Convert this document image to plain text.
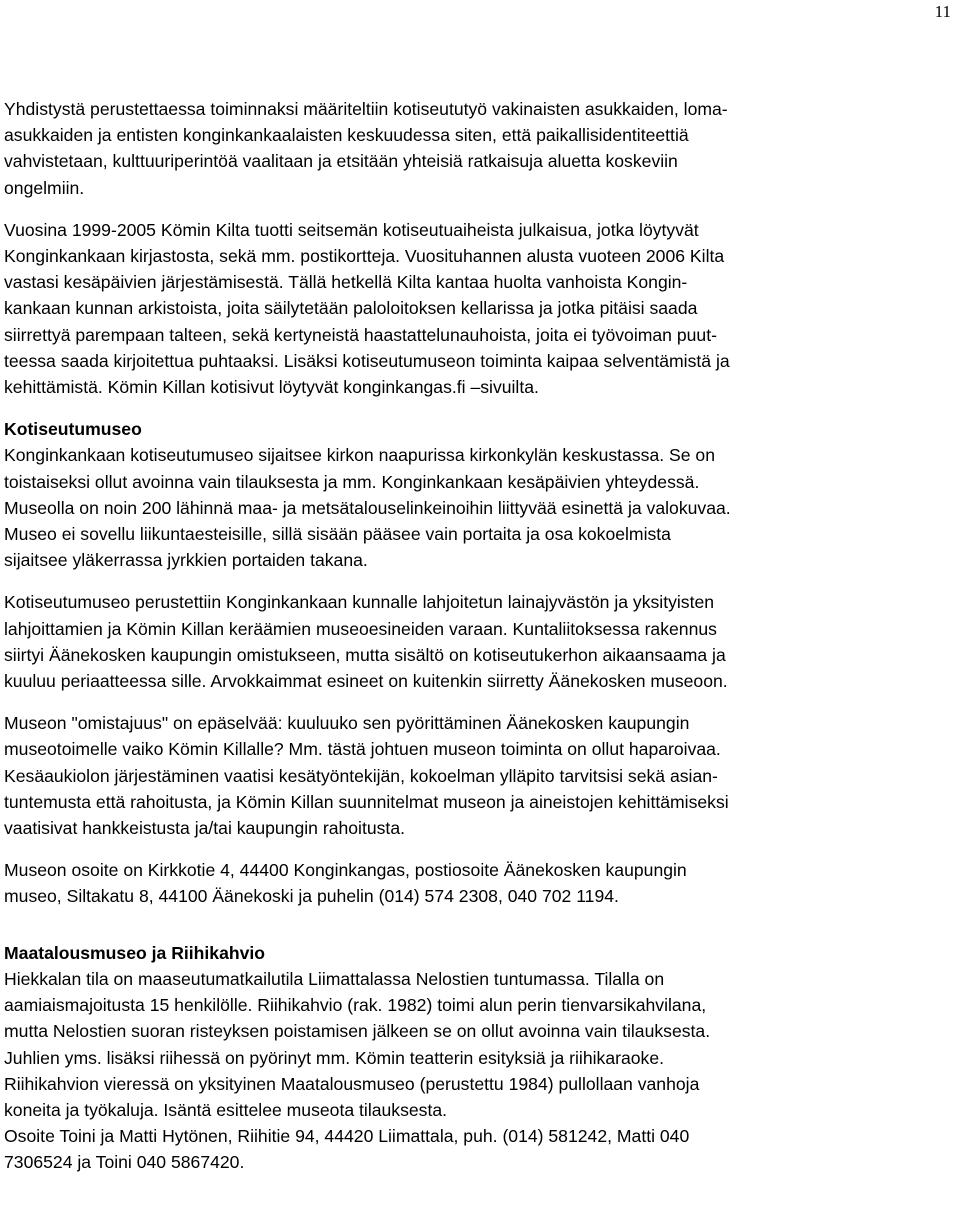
11
Yhdistystä perustettaessa toiminnaksi määriteltiin kotiseututyö vakinaisten asukkaiden, loma-
asukkaiden ja entisten konginkankaalaisten keskuudessa siten, että paikallisidentiteettiä
vahvistetaan, kulttuuriperintöä vaalitaan ja etsitään yhteisiä ratkaisuja aluetta koskeviin
ongelmiin.
Vuosina 1999-2005 Kömin Kilta tuotti seitsemän kotiseutuaiheista julkaisua, jotka löytyvät
Konginkankaan kirjastosta, sekä mm. postikortteja. Vuosituhannen alusta vuoteen 2006 Kilta
vastasi kesäpäivien järjestämisestä. Tällä hetkellä Kilta kantaa huolta vanhoista Kongin-
kankaan kunnan arkistoista, joita säilytetään paloloitoksen kellarissa ja jotka pitäisi saada
siirrettyä parempaan talteen, sekä kertyneistä haastattelunauhoista, joita ei työvoiman puut-
teessa saada kirjoitettua puhtaaksi. Lisäksi kotiseutumuseon toiminta kaipaa selventämistä ja
kehittämistä. Kömin Killan kotisivut löytyvät konginkangas.fi –sivuilta.
Kotiseutumuseo
Konginkankaan kotiseutumuseo sijaitsee kirkon naapurissa kirkonkylän keskustassa. Se on
toistaiseksi ollut avoinna vain tilauksesta ja mm. Konginkankaan kesäpäivien yhteydessä.
Museolla on noin 200 lähinnä maa- ja metsätalouselinkeinoihin liittyvää esinettä ja valokuvaa.
Museo ei sovellu liikuntaesteisille, sillä sisään pääsee vain portaita ja osa kokoelmista
sijaitsee yläkerrassa jyrkkien portaiden takana.
Kotiseutumuseo perustettiin Konginkankaan kunnalle lahjoitetun lainajyvästön ja yksityisten
lahjoittamien ja Kömin Killan keräämien museoesineiden varaan. Kuntaliitoksessa rakennus
siirtyi Äänekosken kaupungin omistukseen, mutta sisältö on kotiseutukerhon aikaansaama ja
kuuluu periaatteessa sille. Arvokkaimmat esineet on kuitenkin siirretty Äänekosken museoon.
Museon "omistajuus" on epäselvää: kuuluuko sen pyörittäminen Äänekosken kaupungin
museotoimelle vaiko Kömin Killalle? Mm. tästä johtuen museon toiminta on ollut haparoivaa.
Kesäaukiolon järjestäminen vaatisi kesätyöntekijän, kokoelman ylläpito tarvitsisi sekä asian-
tuntemusta että rahoitusta, ja Kömin Killan suunnitelmat museon ja aineistojen kehittämiseksi
vaatisivat hankkeistusta ja/tai kaupungin rahoitusta.
Museon osoite on Kirkkotie 4, 44400 Konginkangas, postiosoite Äänekosken kaupungin
museo, Siltakatu 8, 44100 Äänekoski ja puhelin (014) 574 2308, 040 702 1194.
Maatalousmuseo ja Riihikahvio
Hiekkalan tila on maaseutumatkailutila Liimattalassa Nelostien tuntumassa. Tilalla on
aamiaismajoitusta 15 henkilölle. Riihikahvio (rak. 1982) toimi alun perin tienvarsikahvilana,
mutta Nelostien suoran risteyksen poistamisen jälkeen se on ollut avoinna vain tilauksesta.
Juhlien yms. lisäksi riihessä on pyörinyt mm. Kömin teatterin esityksiä ja riihikaraoke.
Riihikahvion vieressä on yksityinen Maatalousmuseo (perustettu 1984) pullollaan vanhoja
koneita ja työkaluja. Isäntä esittelee museota tilauksesta.
Osoite Toini ja Matti Hytönen, Riihitie 94, 44420 Liimattala, puh. (014) 581242, Matti 040
7306524 ja Toini 040 5867420.
